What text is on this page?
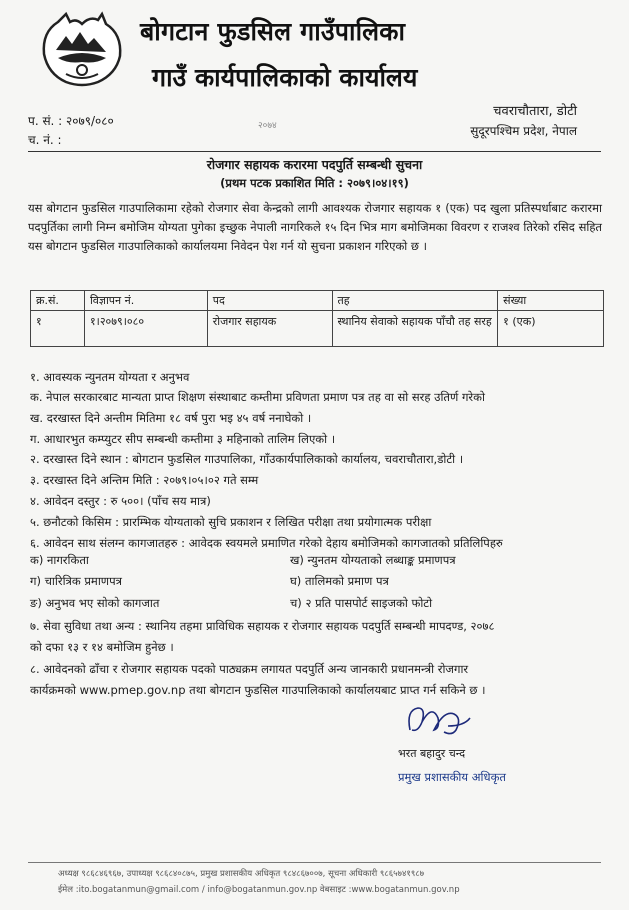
बोगटान फुडसिल गाउँपालिका
गाउँ कार्यपालिकाको कार्यालय
२०७४
चवराचौतारा, डोटी
सुदूरपश्चिम प्रदेश, नेपाल
प. सं. : २०७९/०८०
च. नं. :
रोजगार सहायक करारमा पदपुर्ति सम्बन्धी सुचना
(प्रथम पटक प्रकाशित मिति : २०७९।०४।१९)
यस बोगटान फुडसिल गाउपालिकामा रहेको रोजगार सेवा केन्द्रको लागी आवश्यक रोजगार सहायक १ (एक) पद खुला प्रतिस्पर्धाबाट करारमा पदपुर्तिका लागी निम्न बमोजिम योग्यता पुगेका इच्छुक नेपाली नागरिकले १५ दिन भित्र माग बमोजिमका विवरण र राजश्व तिरेको रसिद सहित यस बोगटान फुडसिल गाउपालिकाको कार्यालयमा निवेदन पेश गर्न यो सुचना प्रकाशन गरिएको छ ।
क्र.सं.	विज्ञापन नं.	पद	तह	संख्या
१	१।२०७९।०८०	रोजगार सहायक	स्थानिय सेवाको सहायक पाँचौ तह सरह	१ (एक)
१. आवस्यक न्युनतम योग्यता र अनुभव
क. नेपाल सरकारबाट मान्यता प्राप्त शिक्षण संस्थाबाट कम्तीमा प्रविणता प्रमाण पत्र तह वा सो सरह उतिर्ण गरेको
ख. दरखास्त दिने अन्तीम मितिमा १८ वर्ष पुरा भइ ४५ वर्ष ननाघेको ।
ग. आधारभुत कम्प्युटर सीप सम्बन्धी कम्तीमा ३ महिनाको तालिम लिएको ।
२. दरखास्त दिने स्थान : बोगटान फुडसिल गाउपालिका, गाँउकार्यपालिकाको कार्यालय, चवराचौतारा,डोटी ।
३. दरखास्त दिने अन्तिम मिति : २०७९।०५।०२ गते सम्म
४. आवेदन दस्तुर : रु ५००। (पाँच सय मात्र)
५. छनौटको किसिम : प्रारम्भिक योग्यताको सुचि प्रकाशन र लिखित परीक्षा तथा प्रयोगात्मक परीक्षा
६. आवेदन साथ संलग्न कागजातहरु : आवेदक स्वयमले प्रमाणित गरेको देहाय बमोजिमको कागजातको प्रतिलिपिहरु
क) नागरकिता	ख) न्युनतम योग्यताको लब्धाङ्क प्रमाणपत्र
ग) चारित्रिक प्रमाणपत्र	घ) तालिमको प्रमाण पत्र
ङ) अनुभव भए सोको कागजात	च) २ प्रति पासपोर्ट साइजको फोटो
७. सेवा सुविधा तथा अन्य : स्थानिय तहमा प्राविधिक सहायक र रोजगार सहायक पदपुर्ति सम्बन्धी मापदण्ड, २०७८
को दफा १३ र १४ बमोजिम हुनेछ ।
८. आवेदनको ढाँचा र रोजगार सहायक पदको पाठ्यक्रम लगायत पदपुर्ति अन्य जानकारी प्रधानमन्त्री रोजगार
कार्यक्रमको www.pmep.gov.np तथा बोगटान फुडसिल गाउपालिकाको कार्यालयबाट प्राप्त गर्न सकिने छ ।
भरत बहादुर चन्द
प्रमुख प्रशासकीय अधिकृत
अध्यक्ष ९८६८४६९६७, उपाध्यक्ष ९८६८४०८७५, प्रमुख प्रशासकीय अधिकृत ९८४८६७००७, सूचना अधिकारी ९८६५७४१९८७
ईमेल :ito.bogatanmun@gmail.com / info@bogatanmun.gov.np वेबसाइट :www.bogatanmun.gov.np
